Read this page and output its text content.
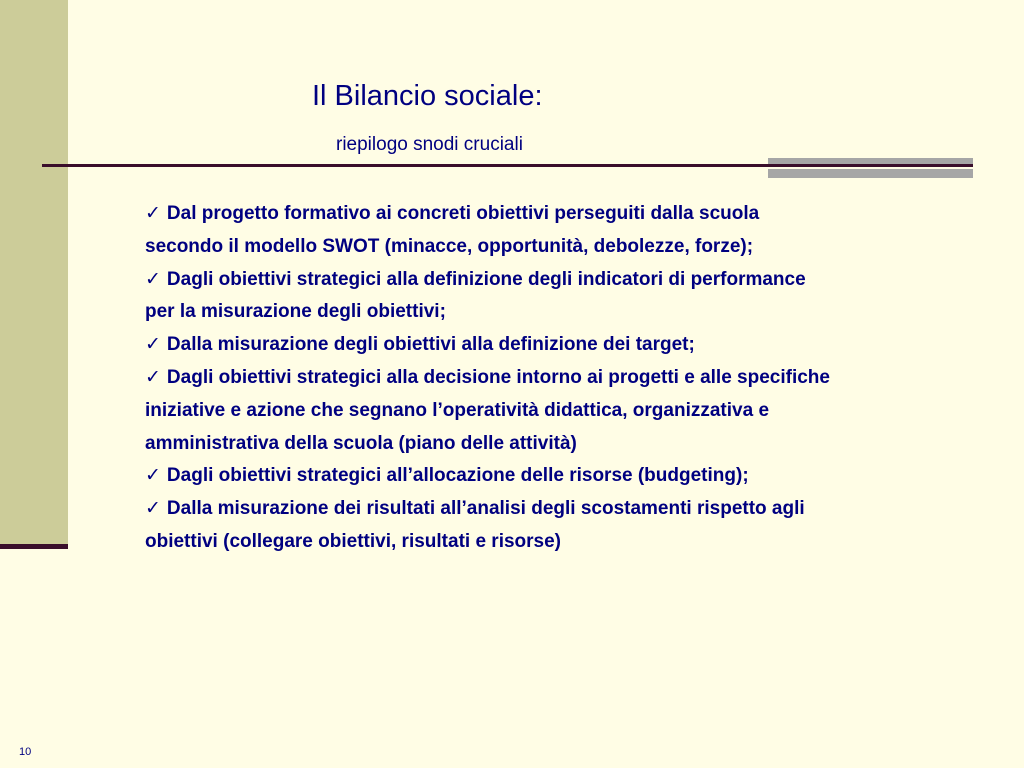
Il Bilancio sociale:
riepilogo snodi cruciali

✓ Dal progetto formativo ai concreti obiettivi perseguiti dalla scuola secondo il modello SWOT (minacce, opportunità, debolezze, forze);

✓ Dagli obiettivi strategici alla definizione degli indicatori di performance per la misurazione degli obiettivi;

✓ Dalla misurazione degli obiettivi alla definizione dei target;

✓ Dagli obiettivi strategici alla decisione intorno ai progetti e alle specifiche iniziative e azione che segnano l’operatività didattica, organizzativa e amministrativa della scuola (piano delle attività)

✓ Dagli obiettivi strategici all’allocazione delle risorse (budgeting);

✓ Dalla misurazione dei risultati all’analisi degli scostamenti rispetto agli obiettivi (collegare obiettivi, risultati e risorse)

10
